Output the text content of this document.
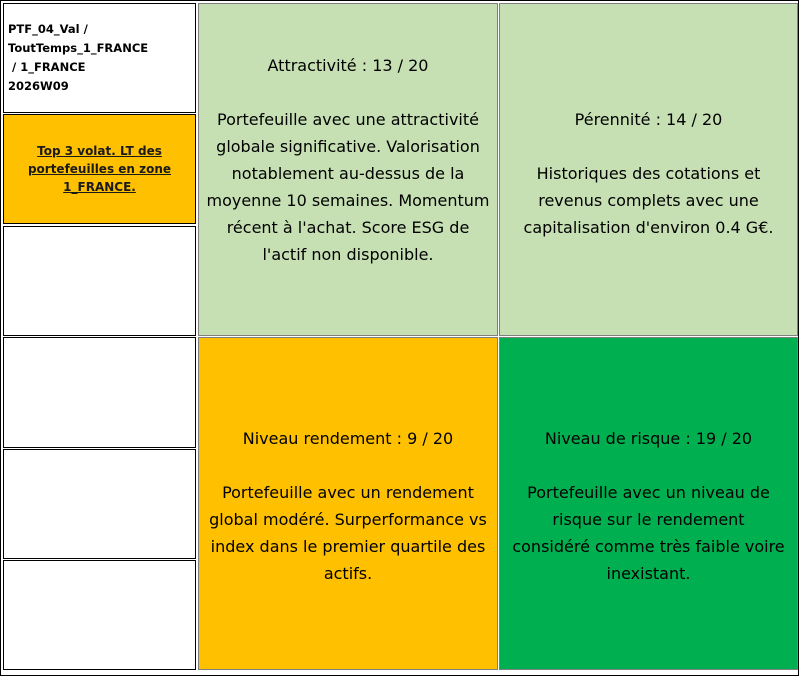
PTF_04_Val /
ToutTemps_1_FRANCE
/ 1_FRANCE
2026W09
Top 3 volat. LT des portefeuilles en zone 1_FRANCE.
Attractivité : 13 / 20
Portefeuille avec une attractivité globale significative. Valorisation notablement au-dessus de la moyenne 10 semaines. Momentum récent à l'achat. Score ESG de l'actif non disponible.
Pérennité : 14 / 20
Historiques des cotations et revenus complets avec une capitalisation d'environ 0.4 G€.
Niveau rendement : 9 / 20
Portefeuille avec un rendement global modéré. Surperformance vs index dans le premier quartile des actifs.
Niveau de risque : 19 / 20
Portefeuille avec un niveau de risque sur le rendement considéré comme très faible voire inexistant.
